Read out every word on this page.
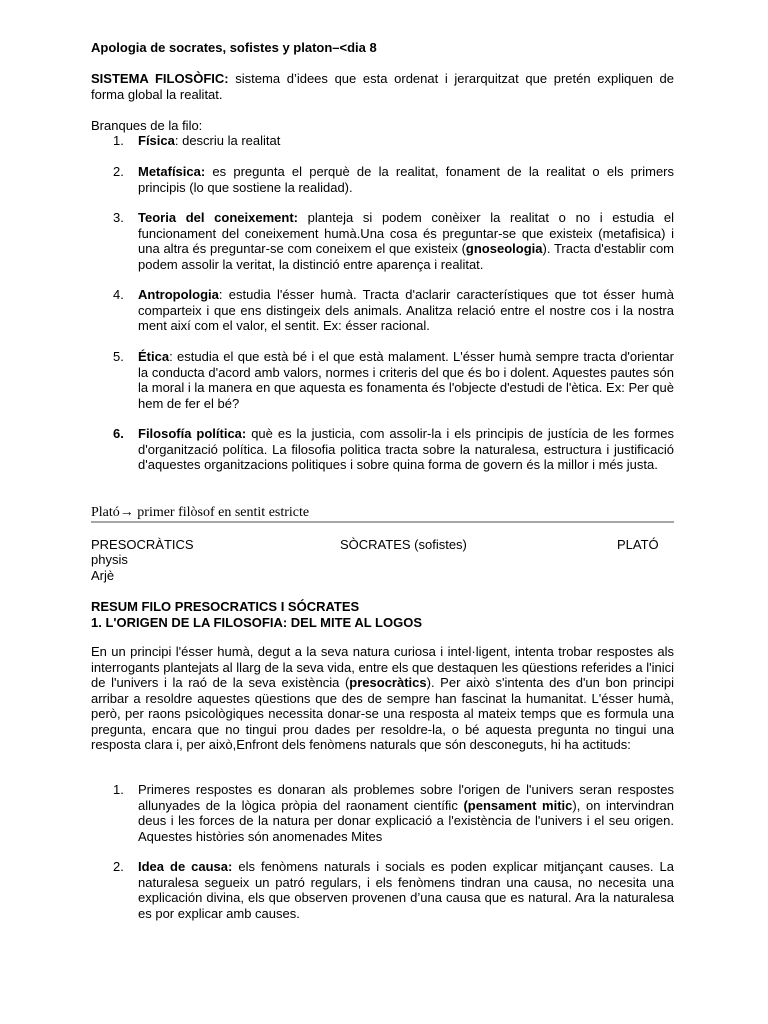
Apologia de socrates, sofistes y platon–<dia 8

SISTEMA FILOSÒFIC: sistema d’idees que esta ordenat i jerarquitzat que pretén expliquen de forma global la realitat.

Branques de la filo:

1. Física: descriu la realitat
2. Metafísica: es pregunta el perquè de la realitat, fonament de la realitat o els primers principis (lo que sostiene la realidad).
3. Teoria del coneixement: planteja si podem conèixer la realitat o no i estudia el funcionament del coneixement humà.Una cosa és preguntar-se que existeix (metafisica) i una altra és preguntar-se com coneixem el que existeix (gnoseologia). Tracta d'establir com podem assolir la veritat, la distinció entre aparença i realitat.
4. Antropologia: estudia l'ésser humà. Tracta d'aclarir característiques que tot ésser humà comparteix i que ens distingeix dels animals. Analitza relació entre el nostre cos i la nostra ment així com el valor, el sentit. Ex: ésser racional.
5. Ética: estudia el que està bé i el que està malament. L'ésser humà sempre tracta d'orientar la conducta d'acord amb valors, normes i criteris del que és bo i dolent. Aquestes pautes són la moral i la manera en que aquesta es fonamenta és l'objecte d'estudi de l'ètica. Ex: Per què hem de fer el bé?
6. Filosofía política: què es la justicia, com assolir-la i els principis de justícia de les formes d'organització política. La filosofia politica tracta sobre la naturalesa, estructura i justificació d'aquestes organitzacions politiques i sobre quina forma de govern és la millor i més justa.
Plató→ primer filòsof en sentit estricte
PRESOCRÀTICS	SÒCRATES (sofistes)	PLATÓ
physis
Arjè
RESUM FILO PRESOCRATICS I SÓCRATES
1. L'ORIGEN DE LA FILOSOFIA: DEL MITE AL LOGOS

En un principi l'ésser humà, degut a la seva natura curiosa i intel·ligent, intenta trobar respostes als interrogants plantejats al llarg de la seva vida, entre els que destaquen les qüestions referides a l'inici de l'univers i la raó de la seva existència (presocràtics). Per això s'intenta des d'un bon principi arribar a resoldre aquestes qüestions que des de sempre han fascinat la humanitat. L'ésser humà, però, per raons psicològiques necessita donar-se una resposta al mateix temps que es formula una pregunta, encara que no tingui prou dades per resoldre-la, o bé aquesta pregunta no tingui una resposta clara i, per això,Enfront dels fenòmens naturals que són desconeguts, hi ha actituds:

1. Primeres respostes es donaran als problemes sobre l'origen de l'univers seran respostes allunyades de la lògica pròpia del raonament científic (pensament mitic), on intervindran deus i les forces de la natura per donar explicació a l'existència de l'univers i el seu origen. Aquestes històries són anomenades Mites
2. Idea de causa: els fenòmens naturals i socials es poden explicar mitjançant causes. La naturalesa segueix un patró regulars, i els fenòmens tindran una causa, no necesita una explicación divina, els que observen provenen d’una causa que es natural. Ara la naturalesa es por explicar amb causes.
